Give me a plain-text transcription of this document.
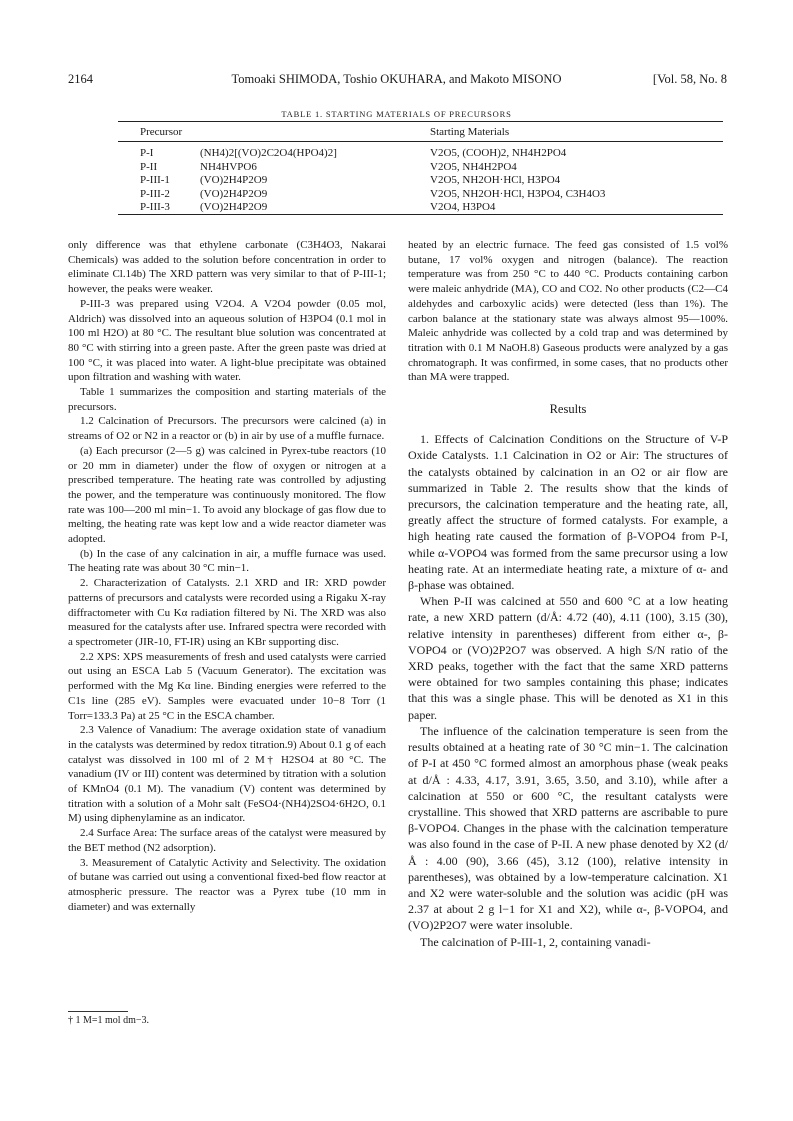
2164	Tomoaki SHIMODA, Toshio OKUHARA, and Makoto MISONO	[Vol. 58, No. 8
TABLE 1. STARTING MATERIALS OF PRECURSORS
Precursor		Starting Materials
P-I	(NH4)2[(VO)2C2O4(HPO4)2]	V2O5, (COOH)2, NH4H2PO4
P-II	NH4HVPO6	V2O5, NH4H2PO4
P-III-1	(VO)2H4P2O9	V2O5, NH2OH·HCl, H3PO4
P-III-2	(VO)2H4P2O9	V2O5, NH2OH·HCl, H3PO4, C3H4O3
P-III-3	(VO)2H4P2O9	V2O4, H3PO4

only difference was that ethylene carbonate (C3H4O3, Nakarai Chemicals) was added to the solution before concentration in order to eliminate Cl.14b) The XRD pattern was very similar to that of P-III-1; however, the peaks were weaker.

P-III-3 was prepared using V2O4. A V2O4 powder (0.05 mol, Aldrich) was dissolved into an aqueous solution of H3PO4 (0.1 mol in 100 ml H2O) at 80 °C. The resultant blue solution was concentrated at 80 °C with stirring into a green paste. After the green paste was dried at 100 °C, it was placed into water. A light-blue precipitate was obtained upon filtration and washing with water.

Table 1 summarizes the composition and starting materials of the precursors.

1.2 Calcination of Precursors. The precursors were calcined (a) in streams of O2 or N2 in a reactor or (b) in air by use of a muffle furnace.

(a) Each precursor (2—5 g) was calcined in Pyrex-tube reactors (10 or 20 mm in diameter) under the flow of oxygen or nitrogen at a prescribed temperature. The heating rate was controlled by adjusting the power, and the temperature was continuously monitored. The flow rate was 100—200 ml min−1. To avoid any blockage of gas flow due to melting, the heating rate was kept low and a wide reactor diameter was adopted.

(b) In the case of any calcination in air, a muffle furnace was used. The heating rate was about 30 °C min−1.

2. Characterization of Catalysts. 2.1 XRD and IR: XRD powder patterns of precursors and catalysts were recorded using a Rigaku X-ray diffractometer with Cu Kα radiation filtered by Ni. The XRD was also measured for the catalysts after use. Infrared spectra were recorded with a spectrometer (JIR-10, FT-IR) using an KBr supporting disc.

2.2 XPS: XPS measurements of fresh and used catalysts were carried out using an ESCA Lab 5 (Vacuum Generator). The excitation was performed with the Mg Kα line. Binding energies were referred to the C1s line (285 eV). Samples were evacuated under 10−8 Torr (1 Torr=133.3 Pa) at 25 °C in the ESCA chamber.

2.3 Valence of Vanadium: The average oxidation state of vanadium in the catalysts was determined by redox titration.9) About 0.1 g of each catalyst was dissolved in 100 ml of 2 M† H2SO4 at 80 °C. The vanadium (IV or III) content was determined by titration with a solution of KMnO4 (0.1 M). The vanadium (V) content was determined by titration with a solution of a Mohr salt (FeSO4·(NH4)2SO4·6H2O, 0.1 M) using diphenylamine as an indicator.

2.4 Surface Area: The surface areas of the catalyst were measured by the BET method (N2 adsorption).

3. Measurement of Catalytic Activity and Selectivity. The oxidation of butane was carried out using a conventional fixed-bed flow reactor at atmospheric pressure. The reactor was a Pyrex tube (10 mm in diameter) and was externally

† 1 M=1 mol dm−3.

heated by an electric furnace. The feed gas consisted of 1.5 vol% butane, 17 vol% oxygen and nitrogen (balance). The reaction temperature was from 250 °C to 440 °C. Products containing carbon were maleic anhydride (MA), CO and CO2. No other products (C2—C4 aldehydes and carboxylic acids) were detected (less than 1%). The carbon balance at the stationary state was always almost 95—100%. Maleic anhydride was collected by a cold trap and was determined by titration with 0.1 M NaOH.8) Gaseous products were analyzed by a gas chromatograph. It was confirmed, in some cases, that no products other than MA were trapped.

Results

1. Effects of Calcination Conditions on the Structure of V-P Oxide Catalysts. 1.1 Calcination in O2 or Air: The structures of the catalysts obtained by calcination in an O2 or air flow are summarized in Table 2. The results show that the kinds of precursors, the calcination temperature and the heating rate, all, greatly affect the structure of formed catalysts. For example, a high heating rate caused the formation of β-VOPO4 from P-I, while α-VOPO4 was formed from the same precursor using a low heating rate. At an intermediate heating rate, a mixture of α- and β-phase was obtained.

When P-II was calcined at 550 and 600 °C at a low heating rate, a new XRD pattern (d/Å: 4.72 (40), 4.11 (100), 3.15 (30), relative intensity in parentheses) different from either α-, β-VOPO4 or (VO)2P2O7 was observed. A high S/N ratio of the XRD peaks, together with the fact that the same XRD patterns were obtained for two samples containing this phase; indicates that this was a single phase. This will be denoted as X1 in this paper.

The influence of the calcination temperature is seen from the results obtained at a heating rate of 30 °C min−1. The calcination of P-I at 450 °C formed almost an amorphous phase (weak peaks at d/Å : 4.33, 4.17, 3.91, 3.65, 3.50, and 3.10), while after a calcination at 550 or 600 °C, the resultant catalysts were crystalline. This showed that XRD patterns are ascribable to pure β-VOPO4. Changes in the phase with the calcination temperature was also found in the case of P-II. A new phase denoted by X2 (d/ Å : 4.00 (90), 3.66 (45), 3.12 (100), relative intensity in parentheses), was obtained by a low-temperature calcination. X1 and X2 were water-soluble and the solution was acidic (pH was 2.37 at about 2 g l−1 for X1 and X2), while α-, β-VOPO4, and (VO)2P2O7 were water insoluble.

The calcination of P-III-1, 2, containing vanadi-
